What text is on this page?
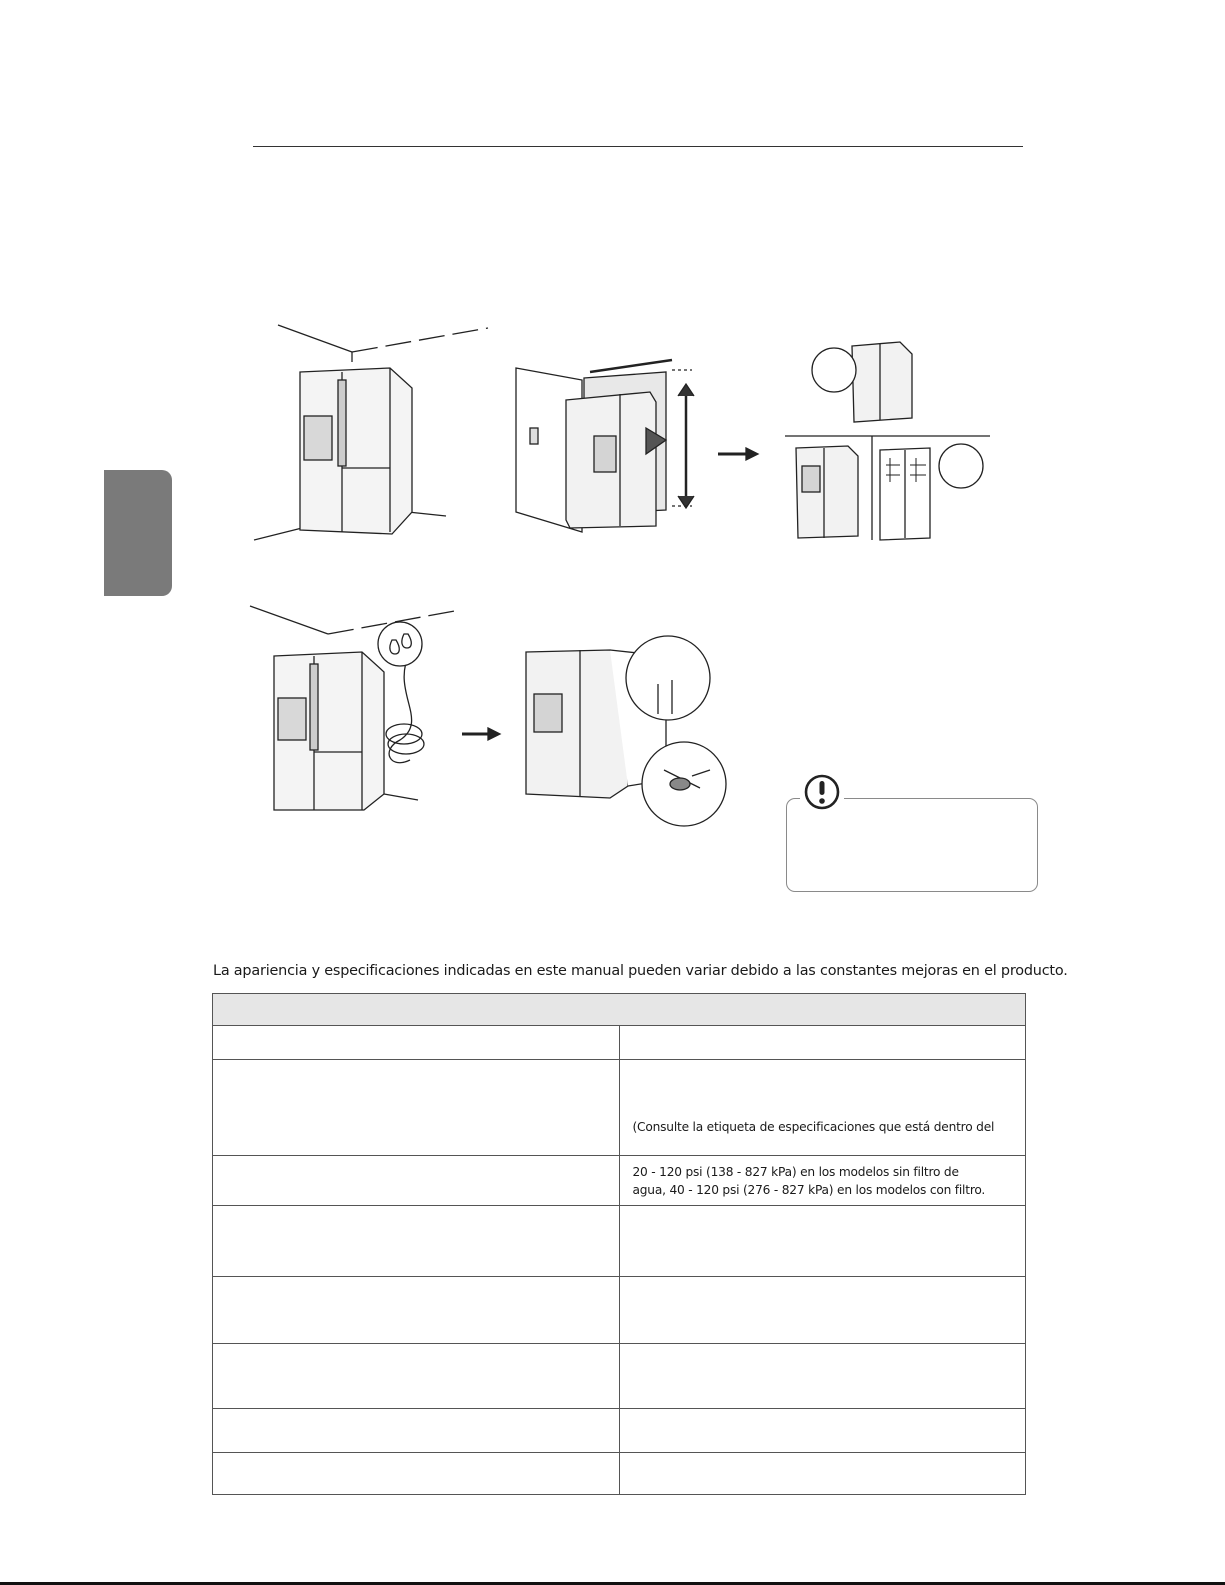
La apariencia y especificaciones indicadas en este manual pueden variar debido a las constantes mejoras en el producto.

	(Consulte la etiqueta de especificaciones que está dentro del

	20 - 120 psi (138 - 827 kPa) en los modelos sin filtro de
agua, 40 - 120 psi (276 - 827 kPa) en los modelos con filtro.
